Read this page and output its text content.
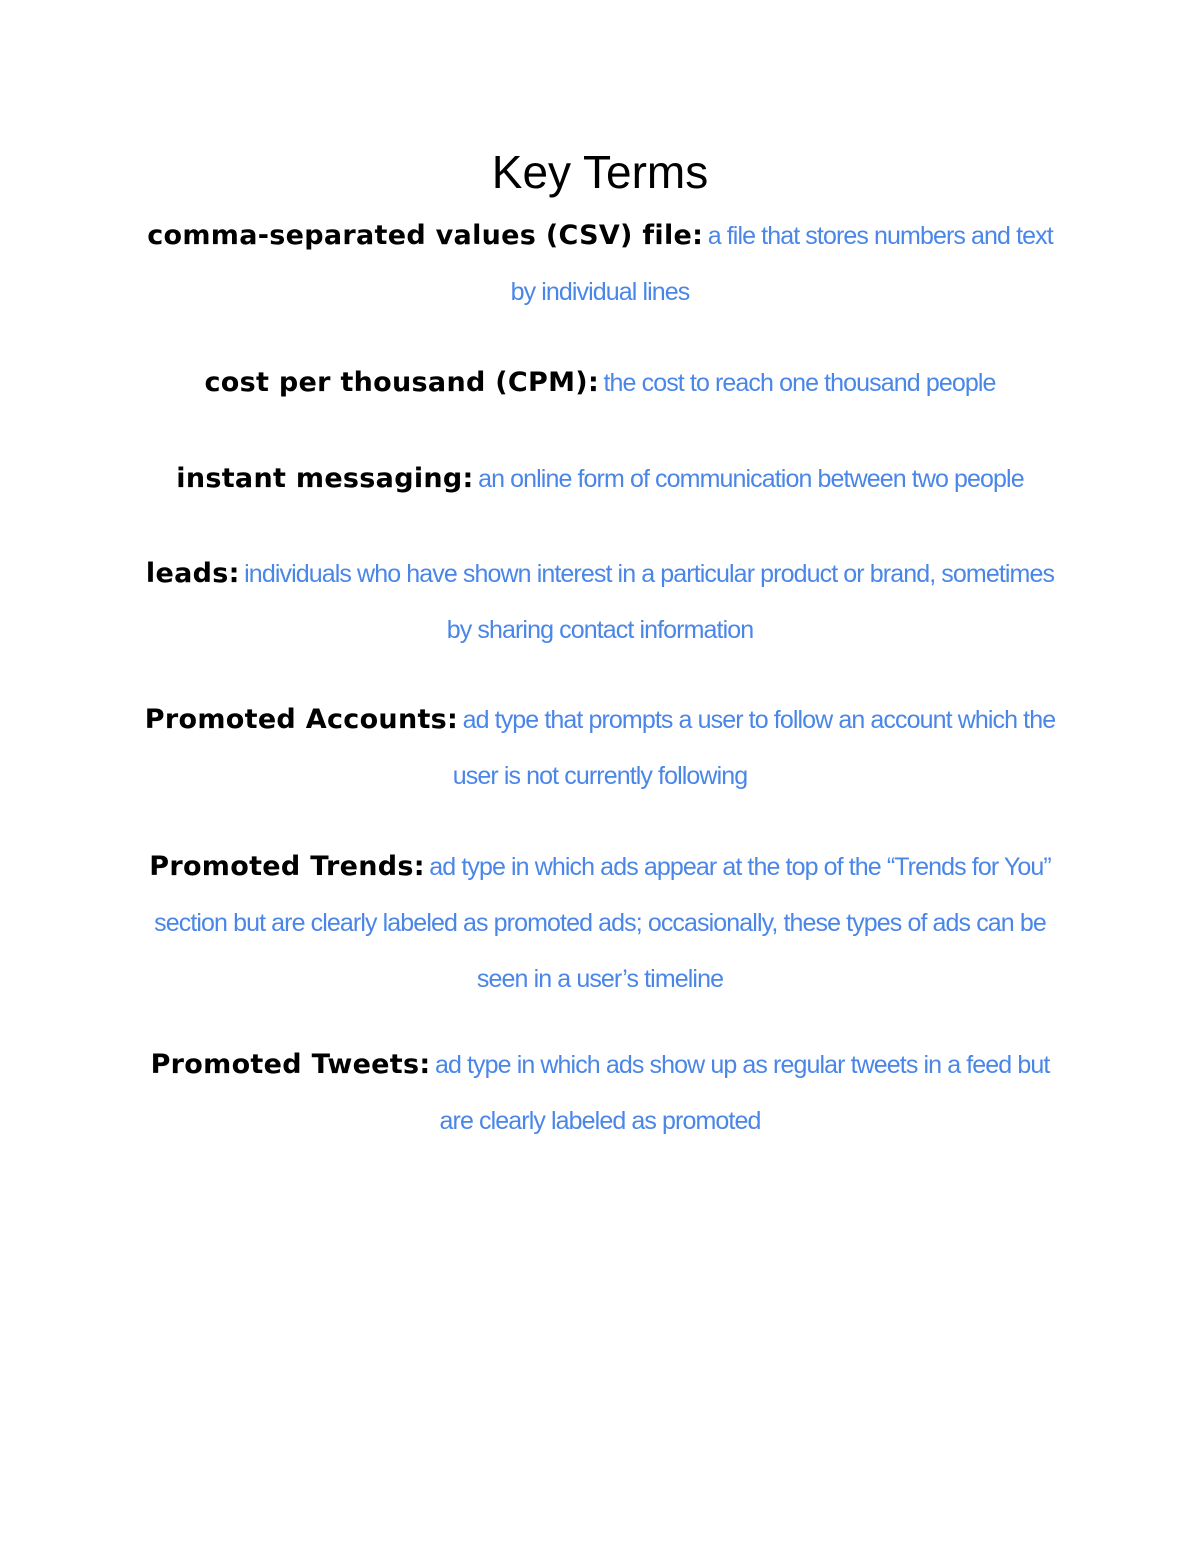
Key Terms
comma-separated values (CSV) file: a file that stores numbers and text by individual lines
cost per thousand (CPM): the cost to reach one thousand people
instant messaging: an online form of communication between two people
leads: individuals who have shown interest in a particular product or brand, sometimes by sharing contact information
Promoted Accounts: ad type that prompts a user to follow an account which the user is not currently following
Promoted Trends: ad type in which ads appear at the top of the “Trends for You” section but are clearly labeled as promoted ads; occasionally, these types of ads can be seen in a user’s timeline
Promoted Tweets: ad type in which ads show up as regular tweets in a feed but are clearly labeled as promoted
